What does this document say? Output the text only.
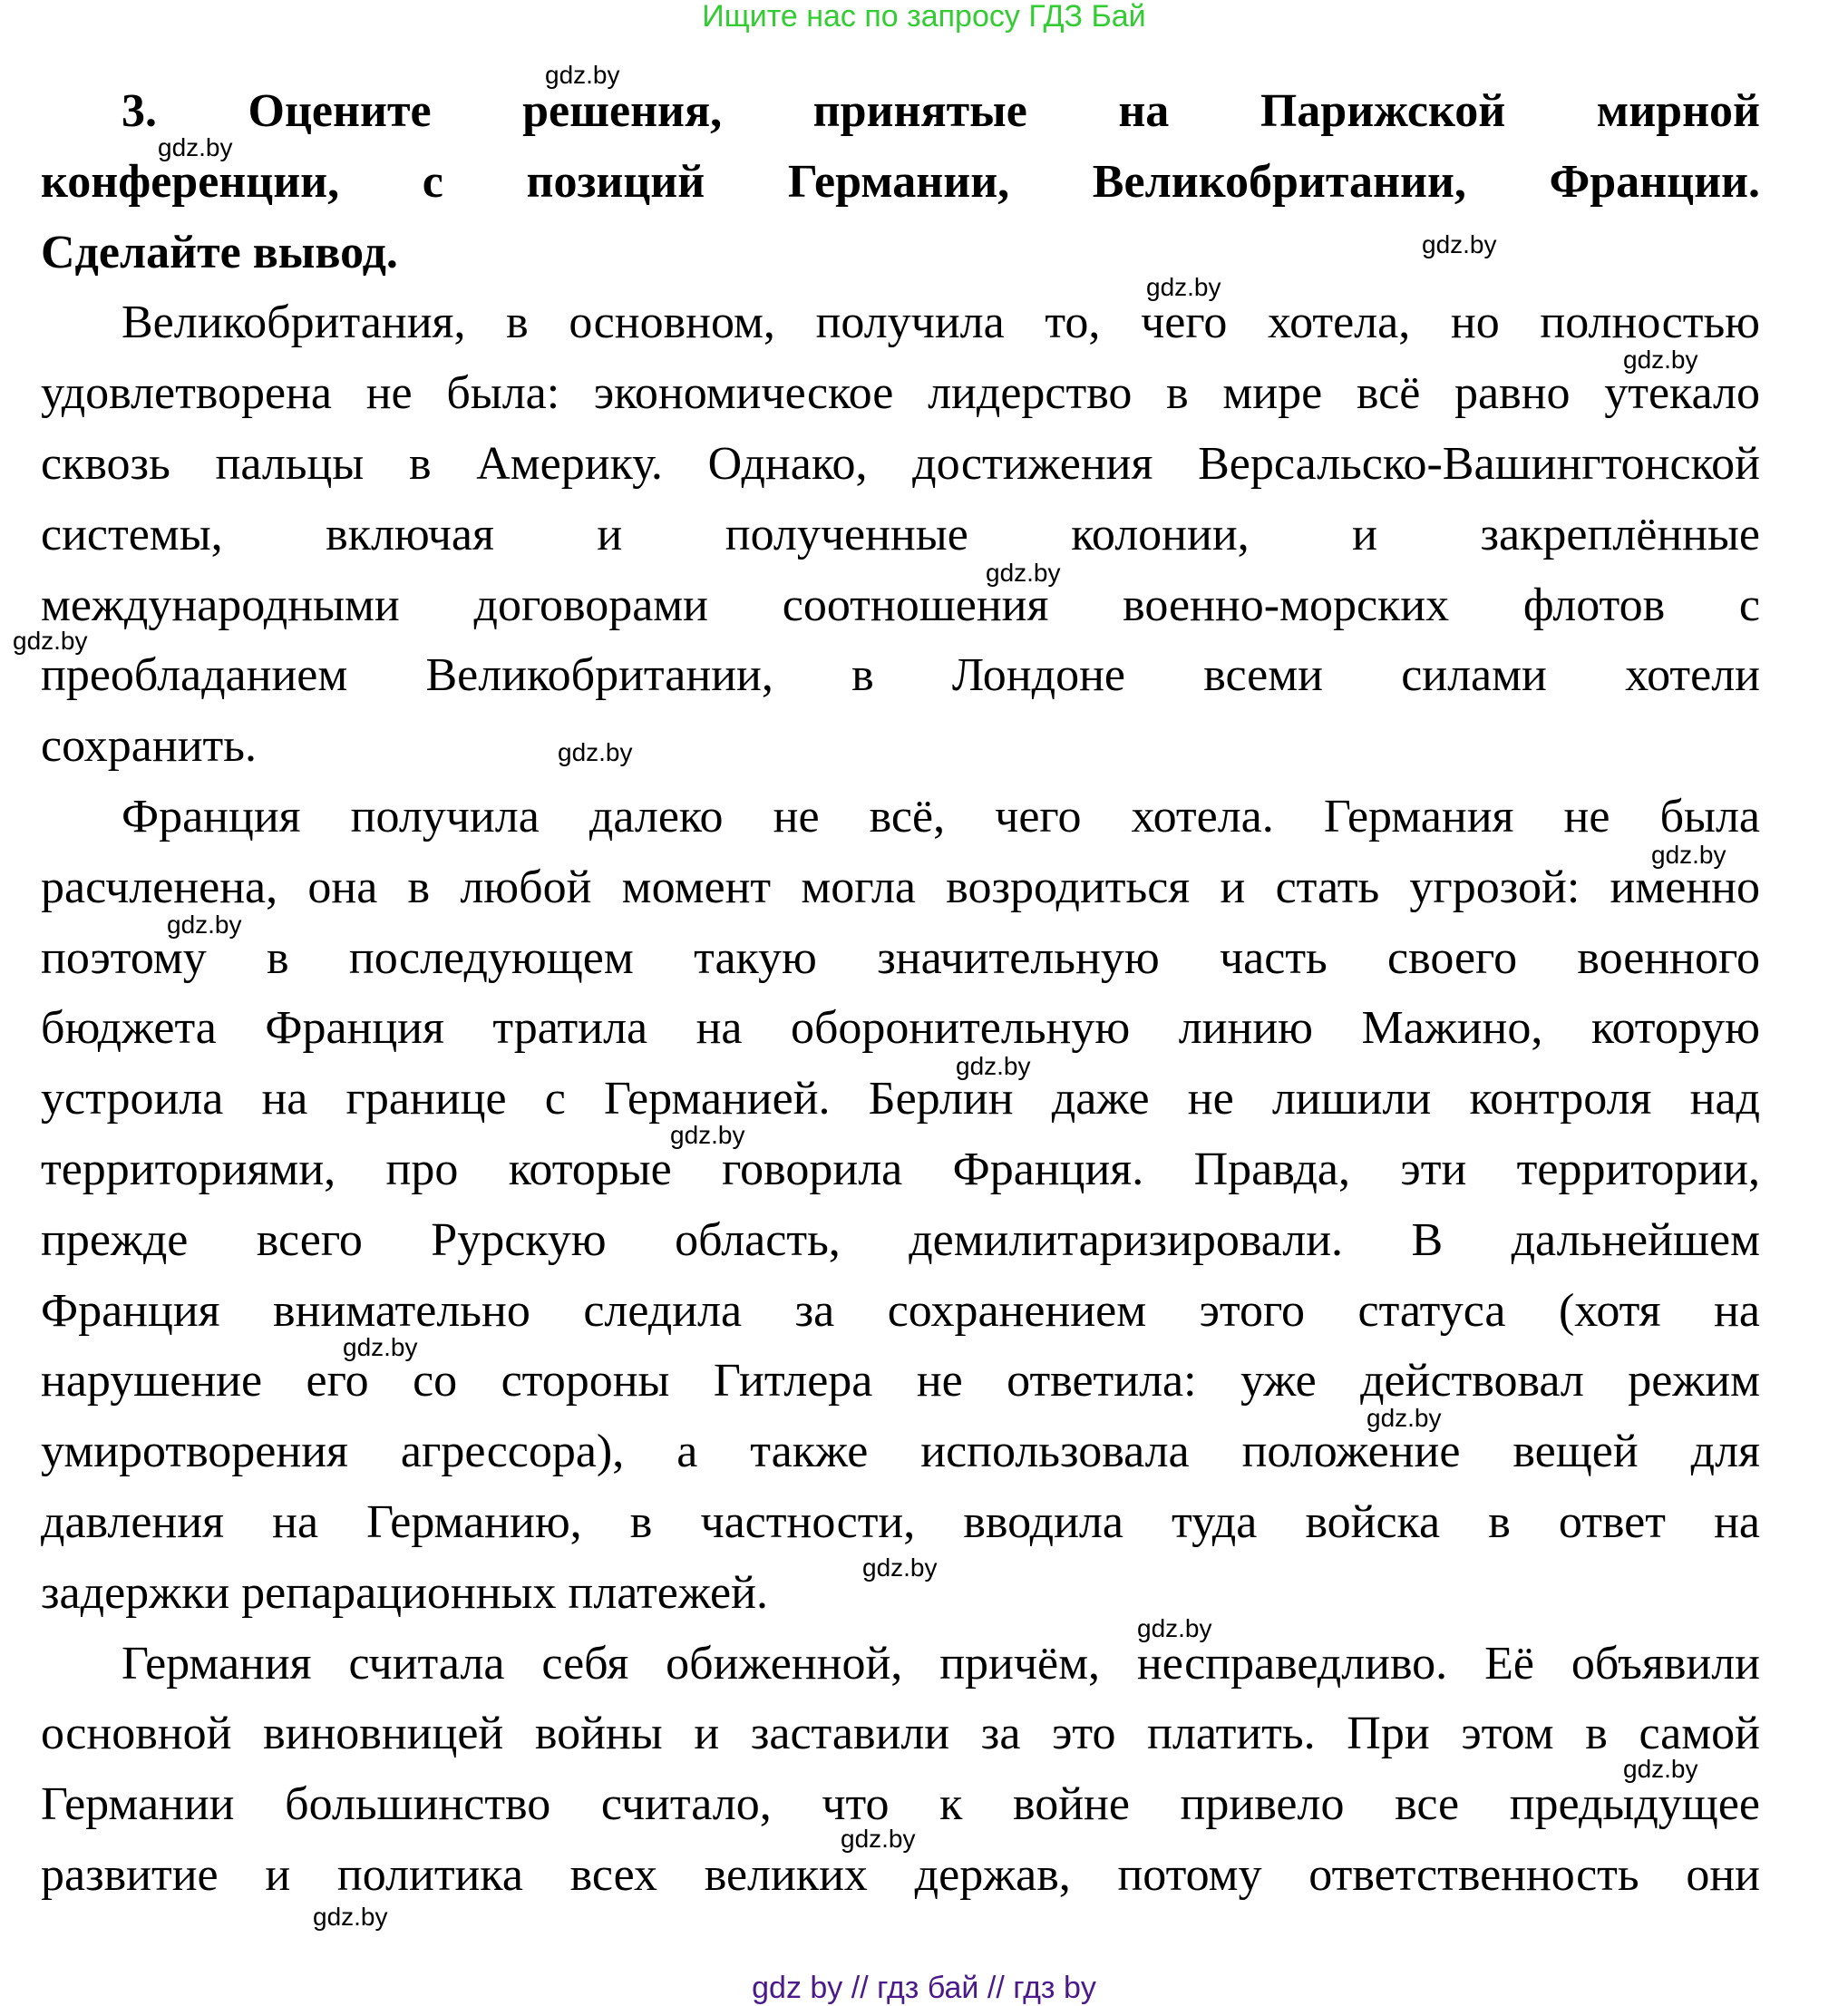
Ищите нас по запросу ГДЗ Бай
3. Оцените решения, принятые на Парижской мирной
конференции, с позиций Германии, Великобритании, Франции.
Сделайте вывод.
Великобритания, в основном, получила то, чего хотела, но полностью
удовлетворена не была: экономическое лидерство в мире всё равно утекало
сквозь пальцы в Америку. Однако, достижения Версальско-Вашингтонской
системы, включая и полученные колонии, и закреплённые
международными договорами соотношения военно-морских флотов с
преобладанием Великобритании, в Лондоне всеми силами хотели
сохранить.
Франция получила далеко не всё, чего хотела. Германия не была
расчленена, она в любой момент могла возродиться и стать угрозой: именно
поэтому в последующем такую значительную часть своего военного
бюджета Франция тратила на оборонительную линию Мажино, которую
устроила на границе с Германией. Берлин даже не лишили контроля над
территориями, про которые говорила Франция. Правда, эти территории,
прежде всего Рурскую область, демилитаризировали. В дальнейшем
Франция внимательно следила за сохранением этого статуса (хотя на
нарушение его со стороны Гитлера не ответила: уже действовал режим
умиротворения агрессора), а также использовала положение вещей для
давления на Германию, в частности, вводила туда войска в ответ на
задержки репарационных платежей.
Германия считала себя обиженной, причём, несправедливо. Её объявили
основной виновницей войны и заставили за это платить. При этом в самой
Германии большинство считало, что к войне привело все предыдущее
развитие и политика всех великих держав, потому ответственность они
gdz.by
gdz.by
gdz.by
gdz.by
gdz.by
gdz.by
gdz.by
gdz.by
gdz.by
gdz.by
gdz.by
gdz.by
gdz.by
gdz.by
gdz.by
gdz.by
gdz.by
gdz.by
gdz.by
gdz by // гдз бай // гдз by
